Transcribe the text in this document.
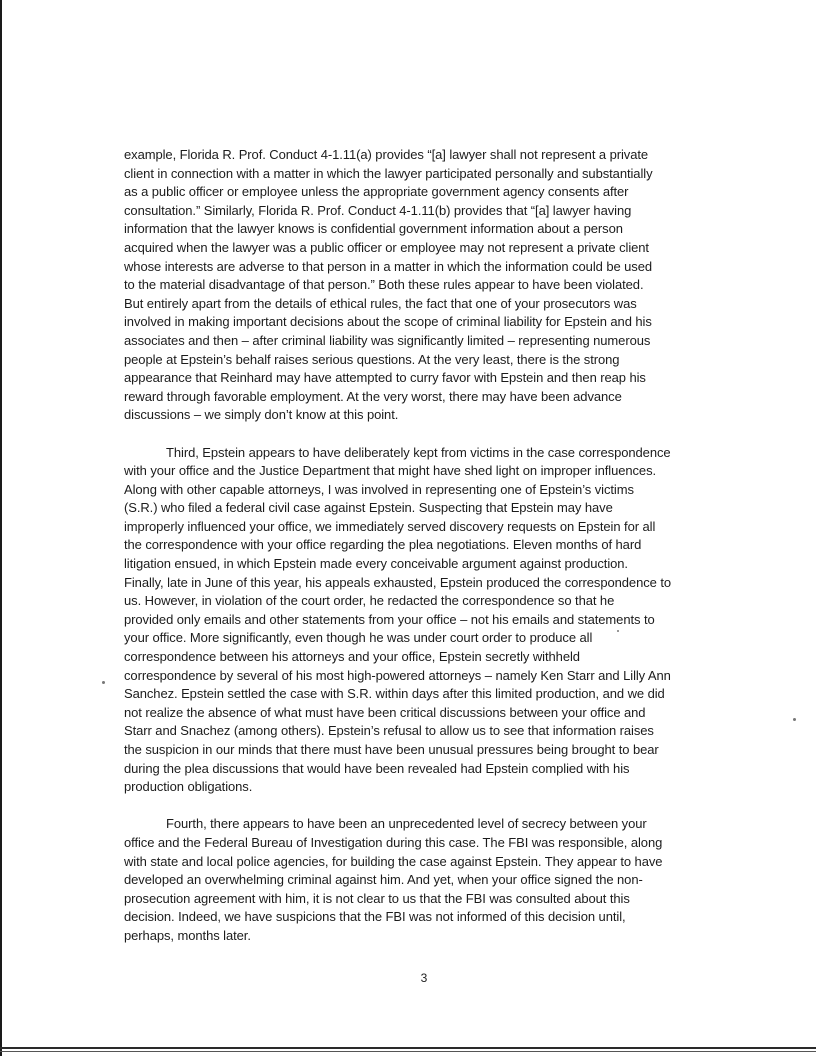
example, Florida R. Prof. Conduct 4-1.11(a) provides “[a] lawyer shall not represent a private
client in connection with a matter in which the lawyer participated personally and substantially
as a public officer or employee unless the appropriate government agency consents after
consultation.” Similarly, Florida R. Prof. Conduct 4-1.11(b) provides that “[a] lawyer having
information that the lawyer knows is confidential government information about a person
acquired when the lawyer was a public officer or employee may not represent a private client
whose interests are adverse to that person in a matter in which the information could be used
to the material disadvantage of that person.” Both these rules appear to have been violated.
But entirely apart from the details of ethical rules, the fact that one of your prosecutors was
involved in making important decisions about the scope of criminal liability for Epstein and his
associates and then – after criminal liability was significantly limited – representing numerous
people at Epstein’s behalf raises serious questions. At the very least, there is the strong
appearance that Reinhard may have attempted to curry favor with Epstein and then reap his
reward through favorable employment. At the very worst, there may have been advance
discussions – we simply don’t know at this point.

Third, Epstein appears to have deliberately kept from victims in the case correspondence
with your office and the Justice Department that might have shed light on improper influences.
Along with other capable attorneys, I was involved in representing one of Epstein’s victims
(S.R.) who filed a federal civil case against Epstein. Suspecting that Epstein may have
improperly influenced your office, we immediately served discovery requests on Epstein for all
the correspondence with your office regarding the plea negotiations. Eleven months of hard
litigation ensued, in which Epstein made every conceivable argument against production.
Finally, late in June of this year, his appeals exhausted, Epstein produced the correspondence to
us. However, in violation of the court order, he redacted the correspondence so that he
provided only emails and other statements from your office – not his emails and statements to
your office. More significantly, even though he was under court order to produce all
correspondence between his attorneys and your office, Epstein secretly withheld
correspondence by several of his most high-powered attorneys – namely Ken Starr and Lilly Ann
Sanchez. Epstein settled the case with S.R. within days after this limited production, and we did
not realize the absence of what must have been critical discussions between your office and
Starr and Snachez (among others). Epstein’s refusal to allow us to see that information raises
the suspicion in our minds that there must have been unusual pressures being brought to bear
during the plea discussions that would have been revealed had Epstein complied with his
production obligations.

Fourth, there appears to have been an unprecedented level of secrecy between your
office and the Federal Bureau of Investigation during this case. The FBI was responsible, along
with state and local police agencies, for building the case against Epstein. They appear to have
developed an overwhelming criminal against him. And yet, when your office signed the non-
prosecution agreement with him, it is not clear to us that the FBI was consulted about this
decision. Indeed, we have suspicions that the FBI was not informed of this decision until,
perhaps, months later.

3
